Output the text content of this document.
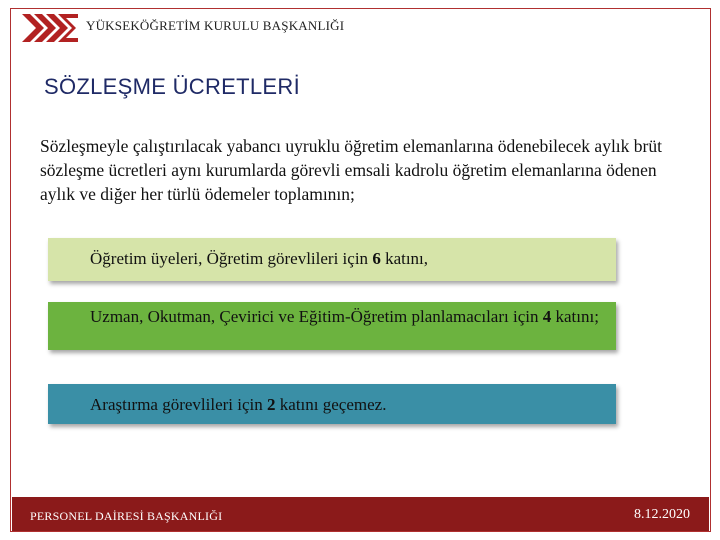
YÜKSEKÖĞRETİM KURULU BAŞKANLIĞI
SÖZLEŞME ÜCRETLERİ
Sözleşmeyle çalıştırılacak yabancı uyruklu öğretim elemanlarına ödenebilecek aylık brüt sözleşme ücretleri aynı kurumlarda görevli emsali kadrolu öğretim elemanlarına ödenen aylık ve diğer her türlü ödemeler toplamının;
Öğretim üyeleri, Öğretim görevlileri için 6 katını,
Uzman, Okutman, Çevirici ve Eğitim-Öğretim planlamacıları için 4 katını;
Araştırma görevlileri için 2 katını geçemez.
PERSONEL DAİRESİ BAŞKANLIĞI	8.12.2020
